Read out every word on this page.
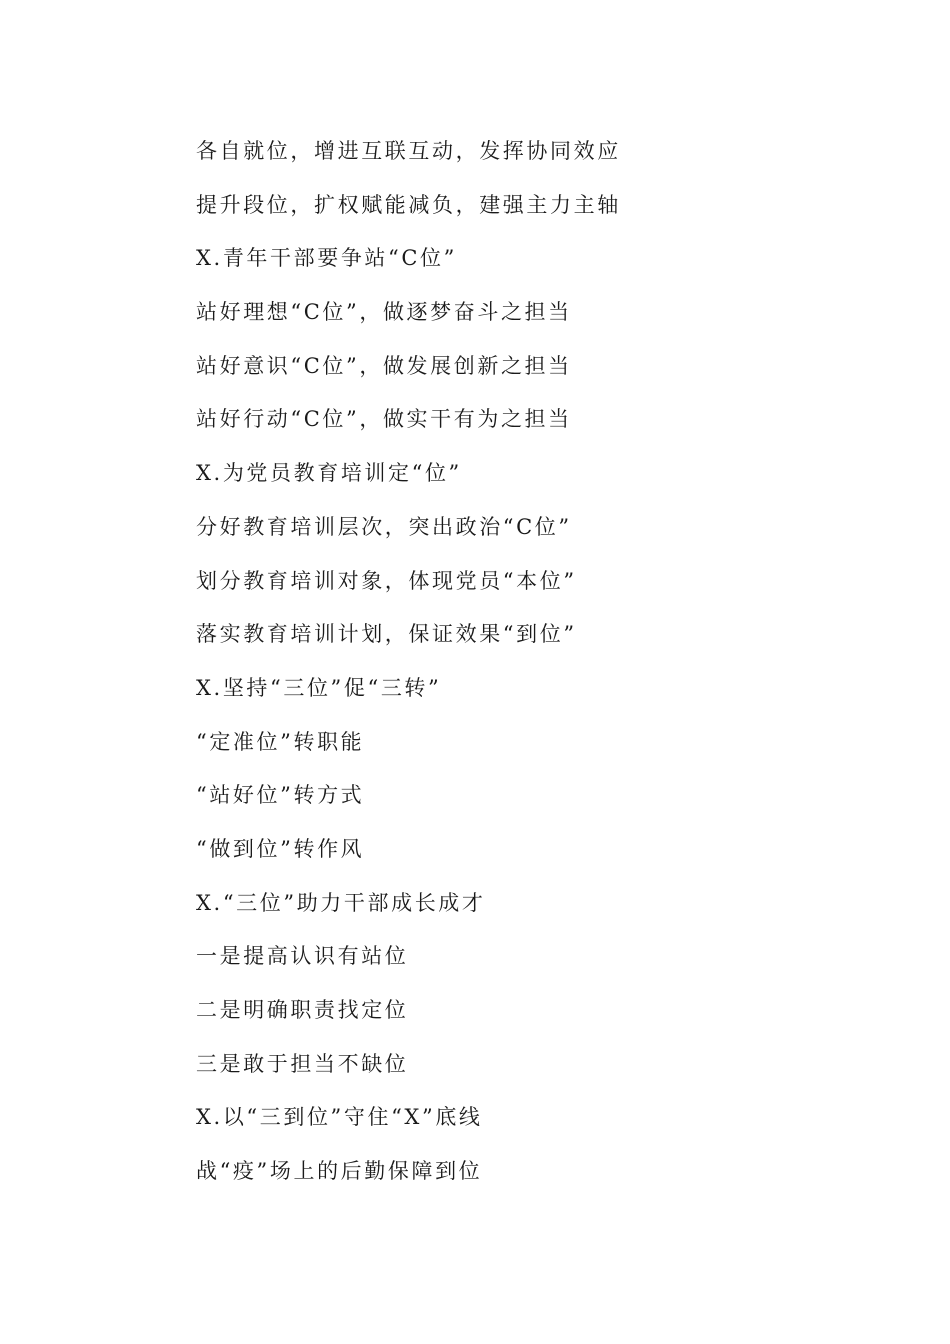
各自就位，增进互联互动，发挥协同效应
提升段位，扩权赋能减负，建强主力主轴
X.青年干部要争站“C位”
站好理想“C位”，做逐梦奋斗之担当
站好意识“C位”，做发展创新之担当
站好行动“C位”，做实干有为之担当
X.为党员教育培训定“位”
分好教育培训层次，突出政治“C位”
划分教育培训对象，体现党员“本位”
落实教育培训计划，保证效果“到位”
X.坚持“三位”促“三转”
“定准位”转职能
“站好位”转方式
“做到位”转作风
X.“三位”助力干部成长成才
一是提高认识有站位
二是明确职责找定位
三是敢于担当不缺位
X.以“三到位”守住“X”底线
战“疫”场上的后勤保障到位
